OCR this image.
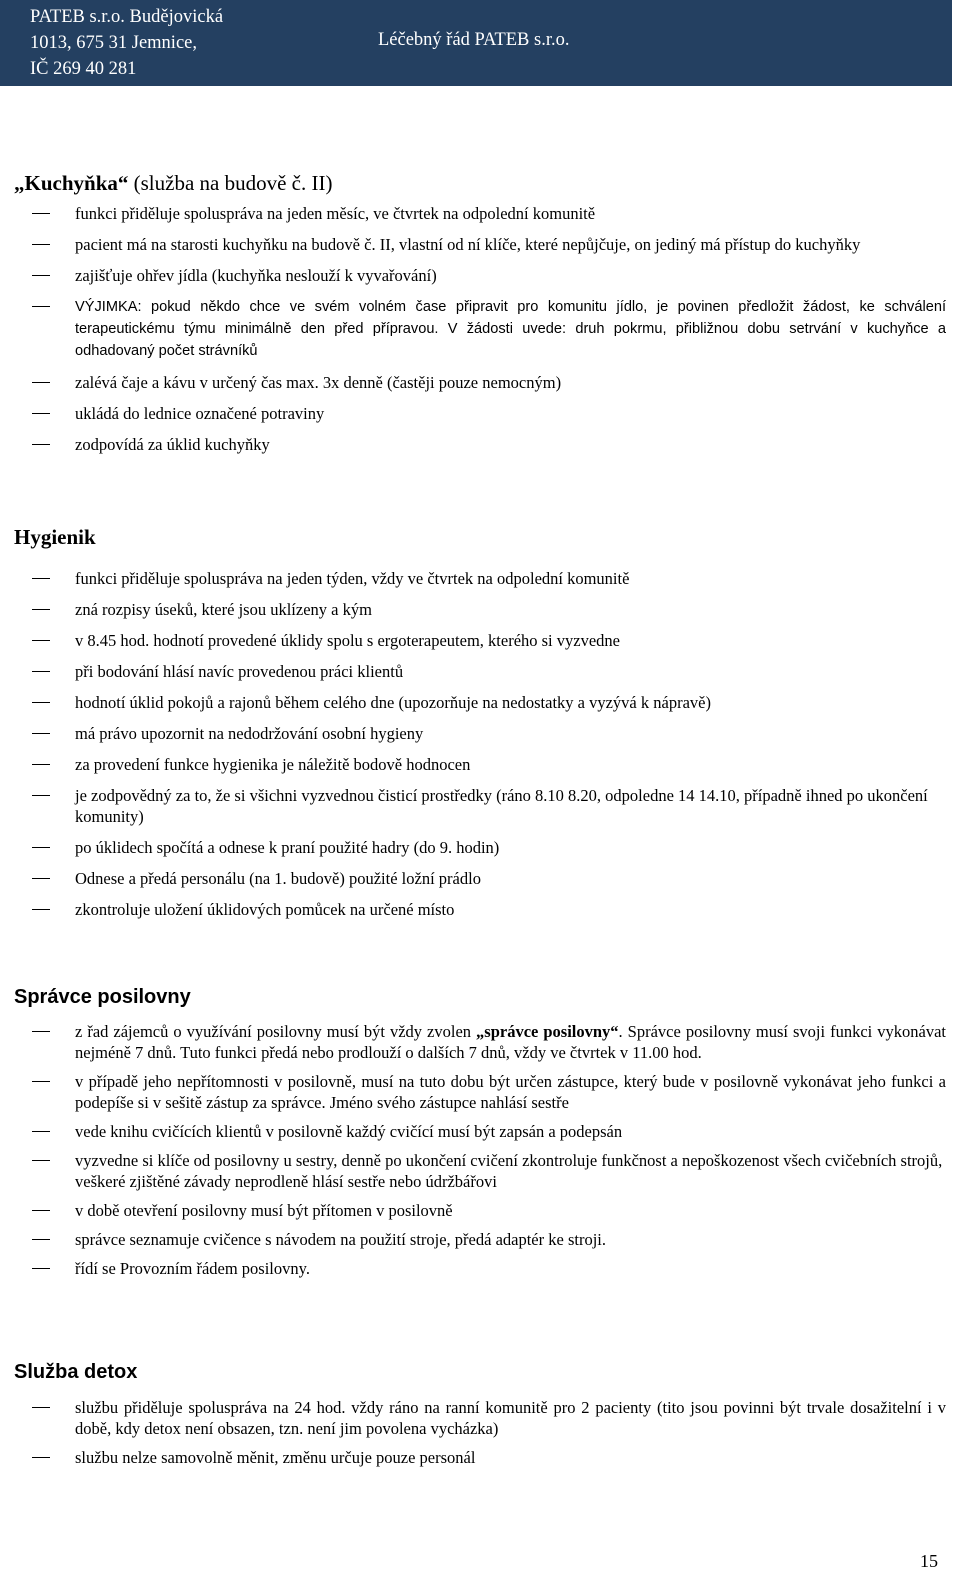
PATEB s.r.o. Budějovická
1013, 675 31 Jemnice,
IČ 269 40 281
Léčebný řád PATEB s.r.o.
„Kuchyňka“ (služba na budově č. II)
funkci přiděluje spoluspráva na jeden měsíc, ve čtvrtek na odpolední komunitě
pacient má na starosti kuchyňku na budově č. II, vlastní od ní klíče, které nepůjčuje, on jediný má přístup do kuchyňky
zajišťuje ohřev jídla (kuchyňka neslouží k vyvařování)
VÝJIMKA: pokud někdo chce ve svém volném čase připravit pro komunitu jídlo, je povinen předložit žádost, ke schválení terapeutickému týmu minimálně den před přípravou. V žádosti uvede: druh pokrmu, přibližnou dobu setrvání v kuchyňce a odhadovaný počet strávníků
zalévá čaje a kávu v určený čas max. 3x denně (častěji pouze nemocným)
ukládá do lednice označené potraviny
zodpovídá za úklid kuchyňky
Hygienik
funkci přiděluje spoluspráva na jeden týden, vždy ve čtvrtek na odpolední komunitě
zná rozpisy úseků, které jsou uklízeny a kým
v 8.45 hod. hodnotí provedené úklidy spolu s ergoterapeutem, kterého si vyzvedne
při bodování hlásí navíc provedenou práci klientů
hodnotí úklid pokojů a rajonů během celého dne (upozorňuje na nedostatky a vyzývá k nápravě)
má právo upozornit na nedodržování osobní hygieny
za provedení funkce hygienika je náležitě bodově hodnocen
je zodpovědný za to, že si všichni vyzvednou čisticí prostředky (ráno 8.10 8.20, odpoledne 14 14.10, případně ihned po ukončení komunity)
po úklidech spočítá a odnese k praní použité hadry (do 9. hodin)
Odnese a předá personálu (na 1. budově) použité ložní prádlo
zkontroluje uložení úklidových pomůcek na určené místo
Správce posilovny
z řad zájemců o využívání posilovny musí být vždy zvolen „správce posilovny“. Správce posilovny musí svoji funkci vykonávat nejméně 7 dnů. Tuto funkci předá nebo prodlouží o dalších 7 dnů, vždy ve čtvrtek v 11.00 hod.
v případě jeho nepřítomnosti v posilovně, musí na tuto dobu být určen zástupce, který bude v posilovně vykonávat jeho funkci a podepíše si v sešitě zástup za správce. Jméno svého zástupce nahlásí sestře
vede knihu cvičících klientů v posilovně každý cvičící musí být zapsán a podepsán
vyzvedne si klíče od posilovny u sestry, denně po ukončení cvičení zkontroluje funkčnost a nepoškozenost všech cvičebních strojů, veškeré zjištěné závady neprodleně hlásí sestře nebo údržbářovi
v době otevření posilovny musí být přítomen v posilovně
správce seznamuje cvičence s návodem na použití stroje, předá adaptér ke stroji.
řídí se Provozním řádem posilovny.
Služba detox
službu přiděluje spoluspráva na 24 hod. vždy ráno na ranní komunitě pro 2 pacienty (tito jsou povinni být trvale dosažitelní i v době, kdy detox není obsazen, tzn. není jim povolena vycházka)
službu nelze samovolně měnit, změnu určuje pouze personál
15
